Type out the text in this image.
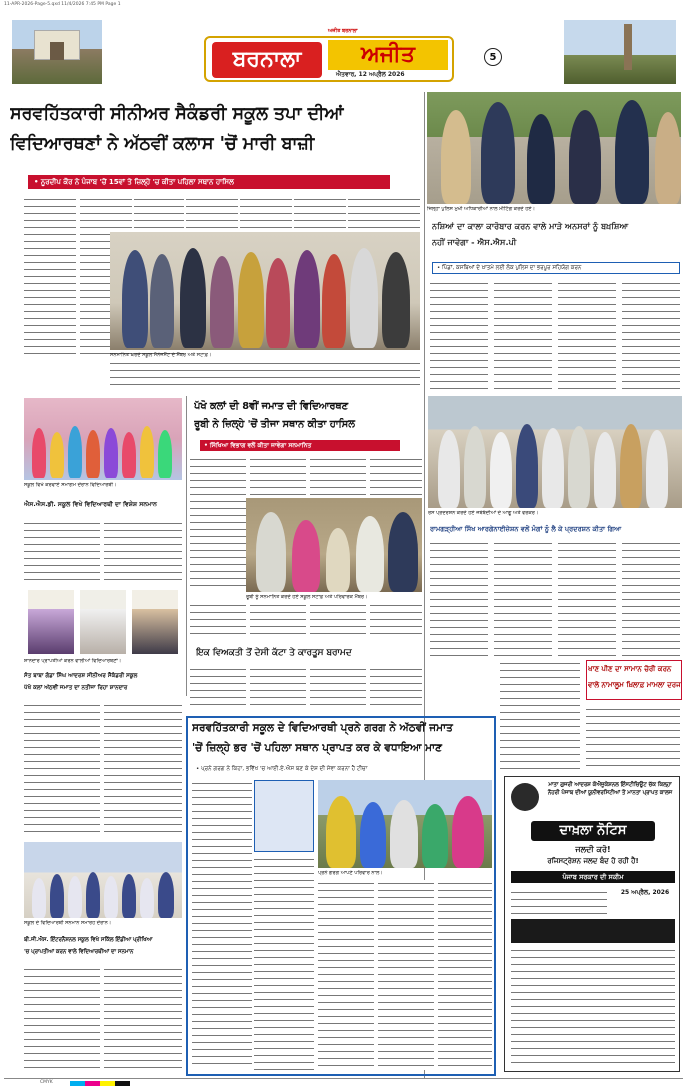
11-APR-2026-Page-5.qxd 11/4/2026 7:45 PM Page 1
ਬਰਨਾਲਾ
ਅਜੀਤ ਬਰਨਾਲਾ
ਅਜੀਤ
ਐਤਵਾਰ, 12 ਅਪ੍ਰੈਲ 2026
5
ਸਰਵਹਿੱਤਕਾਰੀ ਸੀਨੀਅਰ ਸੈਕੰਡਰੀ ਸਕੂਲ ਤਪਾ ਦੀਆਂ
ਵਿਦਿਆਰਥਣਾਂ ਨੇ ਅੱਠਵੀਂ ਕਲਾਸ 'ਚੋਂ ਮਾਰੀ ਬਾਜ਼ੀ
• ਨੂਰਦੀਪ ਕੌਰ ਨੇ ਪੰਜਾਬ 'ਚੋਂ 15ਵਾਂ ਤੇ ਜ਼ਿਲ੍ਹੇ 'ਚ ਕੀਤਾ ਪਹਿਲਾ ਸਥਾਨ ਹਾਸਿਲ
ਸਨਮਾਨਿਤ ਕਰਦੇ ਸਕੂਲ ਮੈਨੇਜਮੈਂਟ ਦੇ ਮੈਂਬਰ ਅਤੇ ਸਟਾਫ਼।
ਜ਼ਿਲ੍ਹਾ ਪੁਲਿਸ ਮੁਖੀ ਅਧਿਕਾਰੀਆਂ ਨਾਲ ਮੀਟਿੰਗ ਕਰਦੇ ਹੋਏ।
ਨਸ਼ਿਆਂ ਦਾ ਕਾਲਾ ਕਾਰੋਬਾਰ ਕਰਨ ਵਾਲੇ ਮਾੜੇ ਅਨਸਰਾਂ ਨੂੰ ਬਖ਼ਸ਼ਿਆ
ਨਹੀਂ ਜਾਵੇਗਾ - ਐਸ.ਐਸ.ਪੀ
• ਪਿੰਡਾਂ, ਕਸਬਿਆਂ ਦੇ ਖ਼ਾਤਮੇ ਲਈ ਲੋਕ ਪੁਲਿਸ ਦਾ ਭਰਪੂਰ ਸਹਿਯੋਗ ਕਰਨ
ਸਕੂਲ ਵਿਖੇ ਕਰਵਾਏ ਸਮਾਗਮ ਦੌਰਾਨ ਵਿਦਿਆਰਥੀ।
ਐਸ.ਐਸ.ਡੀ. ਸਕੂਲ ਵਿਖੇ ਵਿਦਿਆਰਥੀ ਦਾ ਵਿਸ਼ੇਸ਼ ਸਨਮਾਨ
ਸ਼ਾਨਦਾਰ ਪ੍ਰਾਪਤੀਆਂ ਕਰਨ ਵਾਲੀਆਂ ਵਿਦਿਆਰਥਣਾਂ।
ਸੰਤ ਬਾਬਾ ਗੰਡਾ ਸਿੰਘ ਆਦਰਸ਼ ਸੀਨੀਅਰ ਸੈਕੰਡਰੀ ਸਕੂਲ
ਪੱਖੋ ਕਲਾਂ ਅੱਠਵੀਂ ਜਮਾਤ ਦਾ ਨਤੀਜਾ ਰਿਹਾ ਸ਼ਾਨਦਾਰ
ਸਕੂਲ ਦੇ ਵਿਦਿਆਰਥੀ ਸਨਮਾਨ ਸਮਾਰੋਹ ਦੌਰਾਨ।
ਬੀ.ਜੀ.ਐਸ. ਇੰਟਰਨੈਸ਼ਨਲ ਸਕੂਲ ਵਿਖੇ ਸਕਿੱਲ ਇੰਡੀਆ ਪ੍ਰੀਖਿਆ
'ਚ ਪ੍ਰਾਪਤੀਆਂ ਕਰਨ ਵਾਲੇ ਵਿਦਿਆਰਥੀਆਂ ਦਾ ਸਨਮਾਨ
ਪੱਖੋ ਕਲਾਂ ਦੀ 8ਵੀਂ ਜਮਾਤ ਦੀ ਵਿਦਿਆਰਥਣ
ਰੂਬੀ ਨੇ ਜ਼ਿਲ੍ਹੇ 'ਚੋਂ ਤੀਜਾ ਸਥਾਨ ਕੀਤਾ ਹਾਸਿਲ
• ਸਿੱਖਿਆ ਵਿਭਾਗ ਵਲੋਂ ਕੀਤਾ ਜਾਵੇਗਾ ਸਨਮਾਨਿਤ
ਰੂਬੀ ਨੂੰ ਸਨਮਾਨਿਤ ਕਰਦੇ ਹੋਏ ਸਕੂਲ ਸਟਾਫ਼ ਅਤੇ ਪਰਿਵਾਰਕ ਮੈਂਬਰ।
ਇਕ ਵਿਅਕਤੀ ਤੋਂ ਦੇਸੀ ਕੱਟਾ ਤੇ ਕਾਰਤੂਸ ਬਰਾਮਦ
ਸਰਵਹਿੱਤਕਾਰੀ ਸਕੂਲ ਦੇ ਵਿਦਿਆਰਥੀ ਪ੍ਰਨੇ ਗਰਗ ਨੇ ਅੱਠਵੀਂ ਜਮਾਤ
'ਚੋਂ ਜ਼ਿਲ੍ਹੇ ਭਰ 'ਚੋਂ ਪਹਿਲਾ ਸਥਾਨ ਪ੍ਰਾਪਤ ਕਰ ਕੇ ਵਧਾਇਆ ਮਾਣ
• ਪ੍ਰਨੇ ਗਰਗ ਨੇ ਕਿਹਾ, ਭਵਿੱਖ 'ਚ ਆਈ.ਏ.ਐਸ ਬਣ ਕੇ ਦੇਸ਼ ਦੀ ਸੇਵਾ ਕਰਨਾ ਹੈ ਟੀਚਾ
ਪ੍ਰਨੇ ਗਰਗ ਆਪਣੇ ਪਰਿਵਾਰ ਨਾਲ।
ਰੋਸ ਪ੍ਰਦਰਸ਼ਨ ਕਰਦੇ ਹੋਏ ਜਥੇਬੰਦੀਆਂ ਦੇ ਆਗੂ ਅਤੇ ਵਰਕਰ।
ਰਾਮਗੜ੍ਹੀਆ ਸਿੱਖ ਆਰਗੇਨਾਈਜ਼ੇਸ਼ਨ ਵਲੋਂ ਮੰਗਾਂ ਨੂੰ ਲੈ ਕੇ ਪ੍ਰਦਰਸ਼ਨ ਕੀਤਾ ਗਿਆ
ਖਾਣ ਪੀਣ ਦਾ ਸਾਮਾਨ ਚੋਰੀ ਕਰਨ
ਵਾਲੇ ਨਾਮਾਲੂਮ ਖ਼ਿਲਾਫ਼ ਮਾਮਲਾ ਦਰਜ
ਮਾਤਾ ਗੁਜਰੀ ਆਦਰਸ਼ ਕੋਐਜੂਕੇਸ਼ਨਲ ਇੰਸਟੀਚਿਊਟ ਚੱਕ ਕਿਲ੍ਹਾ ਨੌਹਰੀ ਪੰਜਾਬ ਦੀਆਂ ਯੂਨੀਵਰਸਿਟੀਆਂ ਤੋਂ ਮਾਨਤਾ ਪ੍ਰਾਪਤ ਕਾਲਜ
ਦਾਖ਼ਲਾ ਨੋਟਿਸ
ਜਲਦੀ ਕਰੋ!
ਰਜਿਸਟ੍ਰੇਸ਼ਨ ਜਲਦ ਬੰਦ ਹੋ ਰਹੀ ਹੈ!
ਪੰਜਾਬ ਸਰਕਾਰ ਦੀ ਸਕੀਮ
25 ਅਪ੍ਰੈਲ, 2026
CMYK
